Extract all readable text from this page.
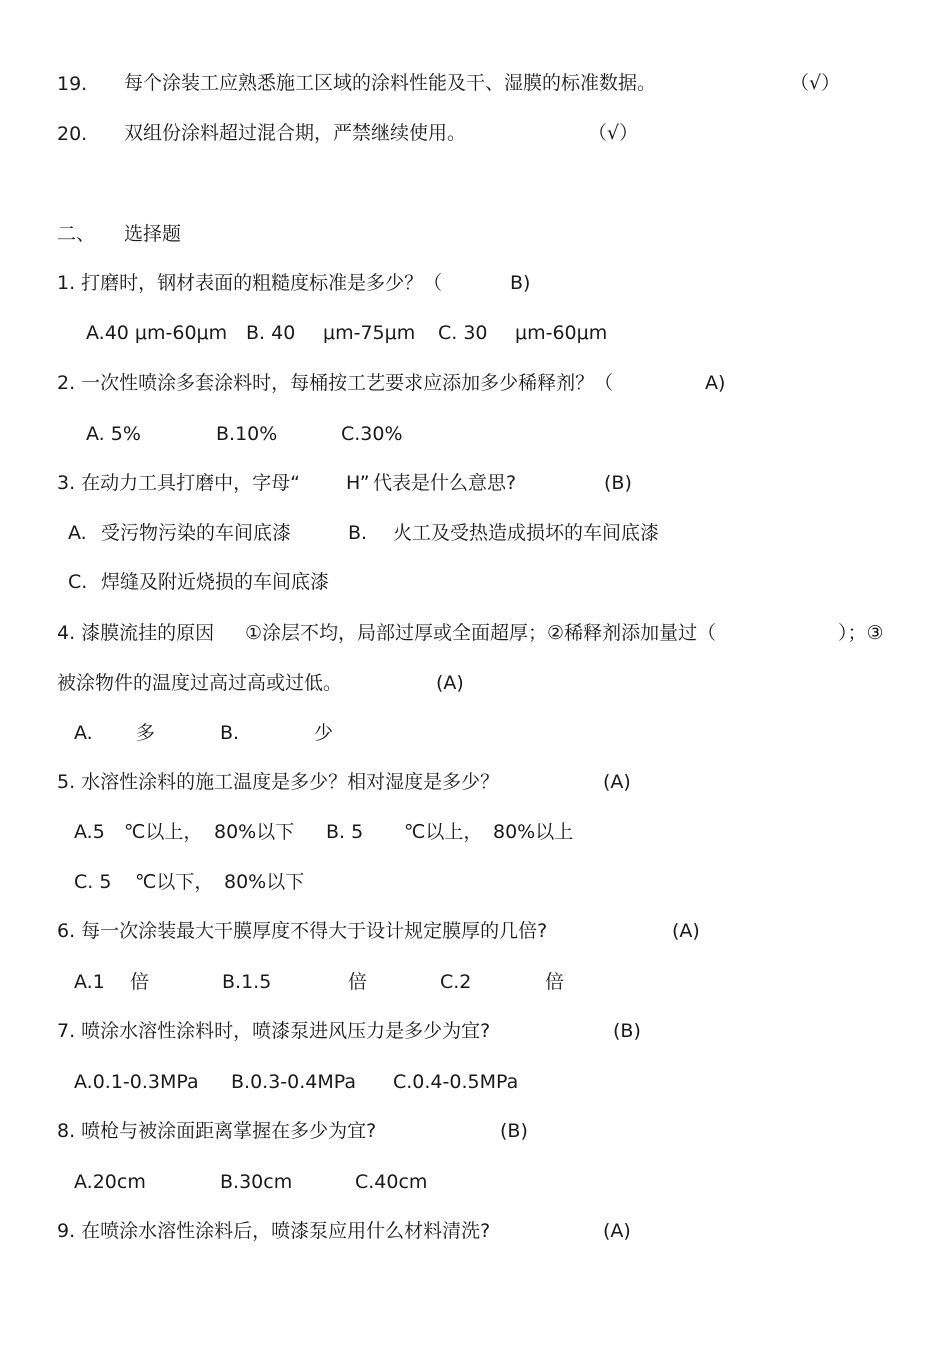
19. 每个涂装工应熟悉施工区域的涂料性能及干、湿膜的标准数据。	（√）
20. 双组份涂料超过混合期，严禁继续使用。	（√）
二、 选择题
1. 打磨时，钢材表面的粗糙度标准是多少？（	B)
A.40 μm-60μm B. 40 μm-75μm C. 30 μm-60μm
2. 一次性喷涂多套涂料时，每桶按工艺要求应添加多少稀释剂？（	A)
A. 5%	B.10%	C.30%
3. 在动力工具打磨中，字母“ H” 代表是什么意思?	(B)
A. 受污物污染的车间底漆	B. 火工及受热造成损坏的车间底漆
C. 焊缝及附近烧损的车间底漆
4. 漆膜流挂的原因 ①涂层不均，局部过厚或全面超厚；②稀释剂添加量过（	）；③
被涂物件的温度过高过高或过低。	(A)
A. 多	B.	少
5. 水溶性涂料的施工温度是多少？相对湿度是多少？	(A)
A.5 ℃以上， 80%以下 B. 5 ℃以上， 80%以上
C. 5 ℃以下， 80%以下
6. 每一次涂装最大干膜厚度不得大于设计规定膜厚的几倍?	(A)
A.1 倍	B.1.5	倍	C.2	倍
7. 喷涂水溶性涂料时，喷漆泵进风压力是多少为宜?	(B)
A.0.1-0.3MPa B.0.3-0.4MPa C.0.4-0.5MPa
8. 喷枪与被涂面距离掌握在多少为宜?	(B)
A.20cm	B.30cm	C.40cm
9. 在喷涂水溶性涂料后，喷漆泵应用什么材料清洗?	(A)
